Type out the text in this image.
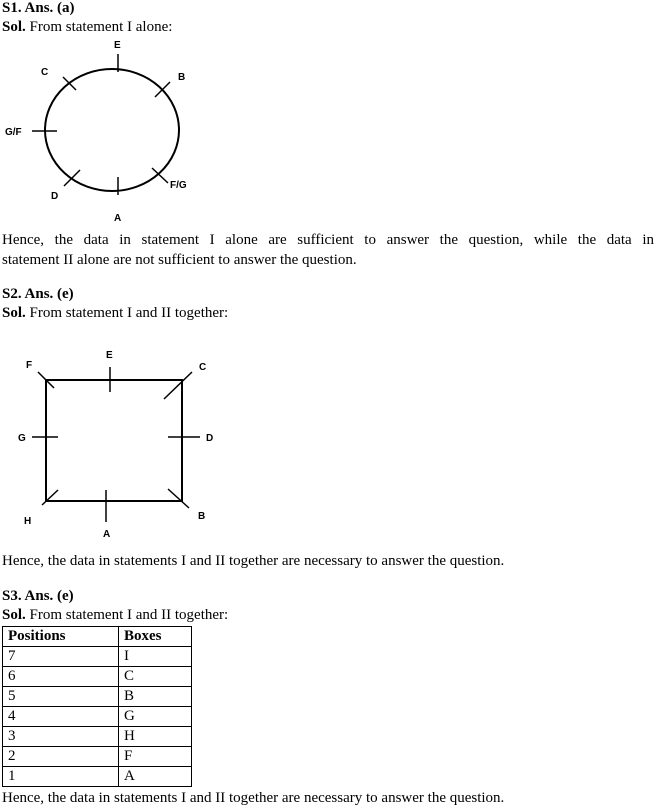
S1. Ans. (a)
Sol. From statement I alone:
E
C	B
G/F
D
F/G
A
Hence, the data in statement I alone are sufficient to answer the question, while the data in
statement II alone are not sufficient to answer the question.
S2. Ans. (e)
Sol. From statement I and II together:
F
E
C
G	D
H
A
B
Hence, the data in statements I and II together are necessary to answer the question.
S3. Ans. (e)
Sol. From statement I and II together:
Positions	Boxes
7	I
6	C
5	B
4	G
3	H
2	F
1	A
Hence, the data in statements I and II together are necessary to answer the question.
